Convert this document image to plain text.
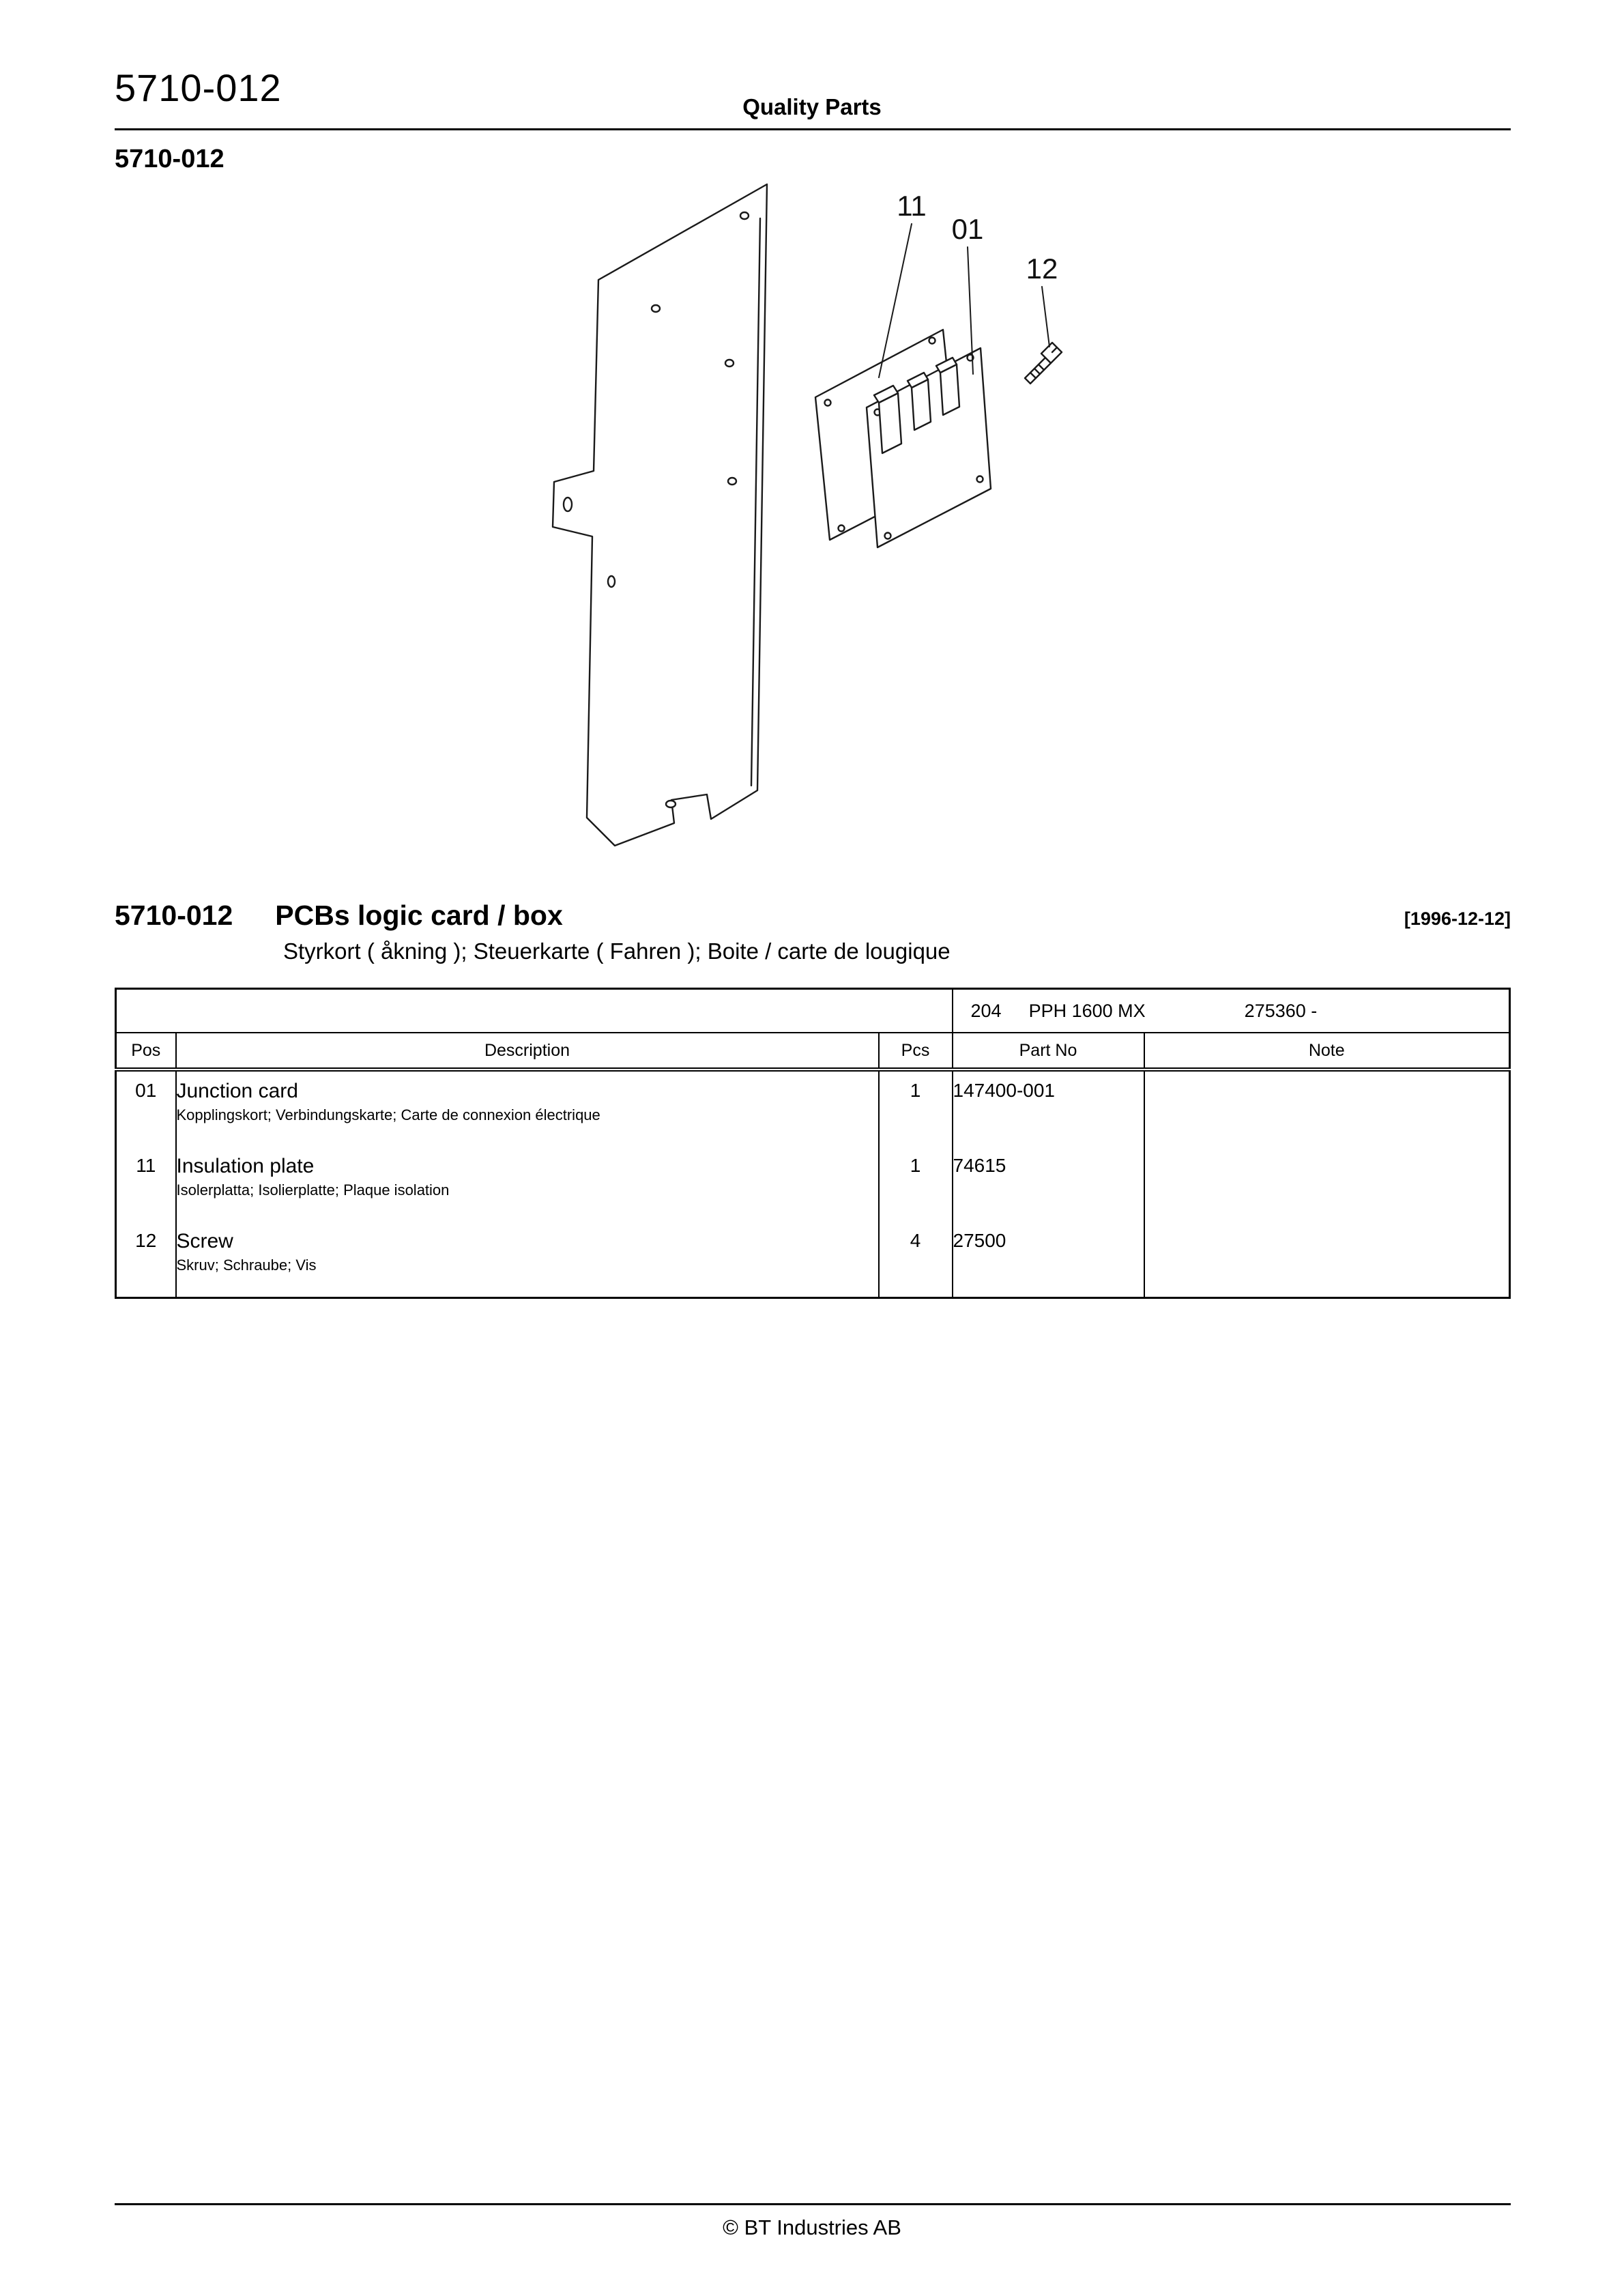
5710-012	Quality Parts
5710-012
11
01
12
5710-012 PCBs logic card / box	[1996-12-12]
Styrkort ( åkning ); Steuerkarte ( Fahren ); Boite / carte de lougique

			204 PPH 1600 MX 275360 -	

Pos	Description	Pcs	Part No	Note
01	Junction card
Kopplingskort; Verbindungskarte; Carte de connexion électrique	1	147400-001	
11	Insulation plate
Isolerplatta; Isolierplatte; Plaque isolation	1	74615	
12	Screw
Skruv; Schraube; Vis	4	27500	
© BT Industries AB
